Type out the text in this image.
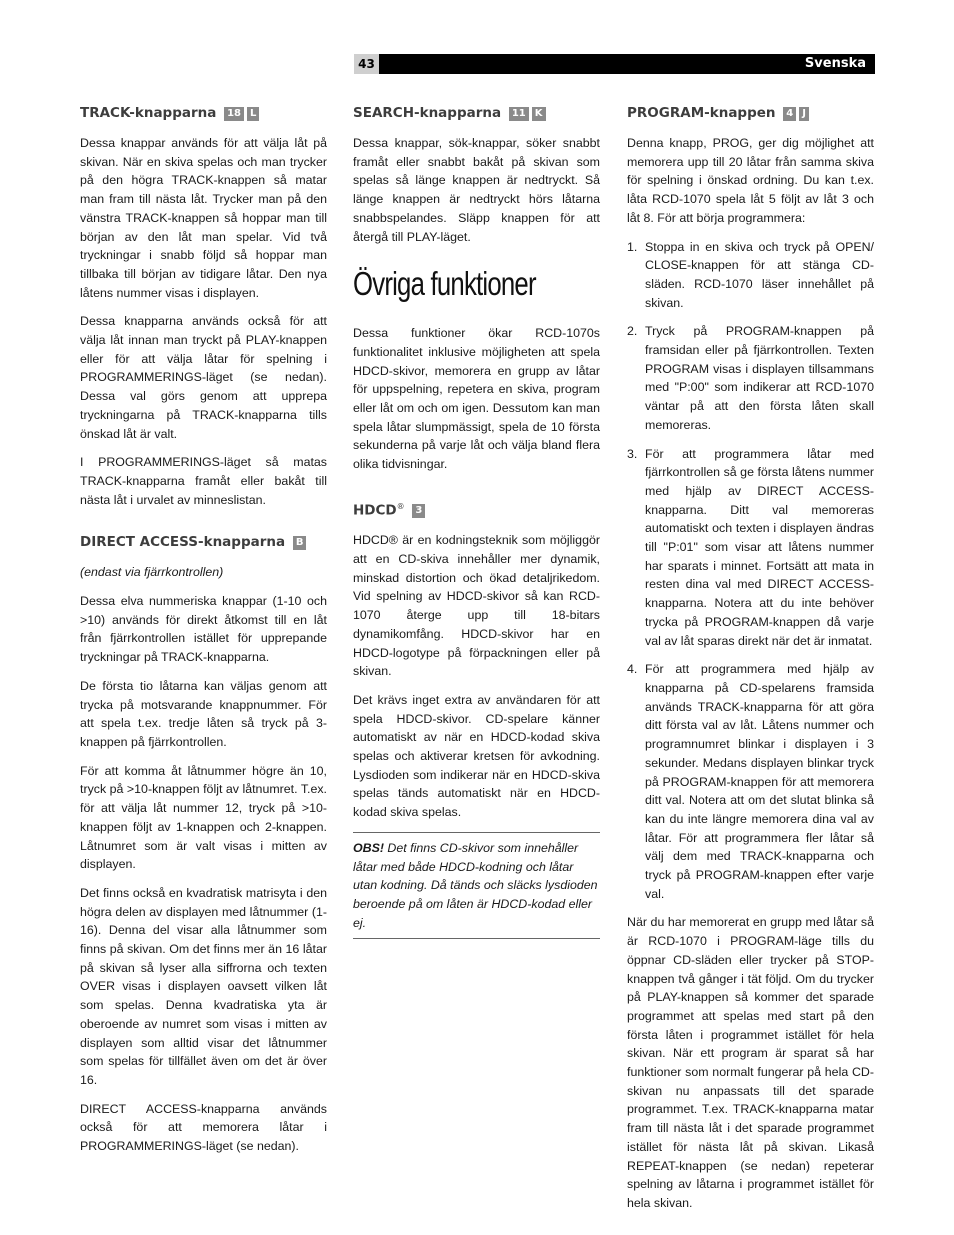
43	Svenska
TRACK-knapparna 18 L

Dessa knappar används för att välja låt på skivan. När en skiva spelas och man trycker på den högra TRACK-knappen så matar man fram till nästa låt. Trycker man på den vänstra TRACK-knappen så hoppar man till början av den låt man spelar. Vid två tryckningar i snabb följd så hoppar man tillbaka till början av tidigare låtar. Den nya låtens nummer visas i displayen.

Dessa knapparna används också för att välja låt innan man tryckt på PLAY-knappen eller för att välja låtar för spelning i PROGRAMMERINGS-läget (se nedan). Dessa val görs genom att upprepa tryckningarna på TRACK-knapparna tills önskad låt är valt.

I PROGRAMMERINGS-läget så matas TRACK-knapparna framåt eller bakåt till nästa låt i urvalet av minneslistan.

DIRECT ACCESS-knapparna B

(endast via fjärrkontrollen)

Dessa elva nummeriska knappar (1-10 och >10) används för direkt åtkomst till en låt från fjärrkontrollen istället för upprepande tryckningar på TRACK-knapparna.

De första tio låtarna kan väljas genom att trycka på motsvarande knappnummer. För att spela t.ex. tredje låten så tryck på 3-knappen på fjärrkontrollen.

För att komma åt låtnummer högre än 10, tryck på >10-knappen följt av låtnumret. T.ex. för att välja låt nummer 12, tryck på >10-knappen följt av 1-knappen och 2-knappen. Låtnumret som är valt visas i mitten av displayen.

Det finns också en kvadratisk matrisyta i den högra delen av displayen med låtnummer (1-16). Denna del visar alla låtnummer som finns på skivan. Om det finns mer än 16 låtar på skivan så lyser alla siffrorna och texten OVER visas i displayen oavsett vilken låt som spelas. Denna kvadratiska yta är oberoende av numret som visas i mitten av displayen som alltid visar det låtnummer som spelas för tillfället även om det är över 16.

DIRECT ACCESS-knapparna används också för att memorera låtar i PROGRAMMERINGS-läget (se nedan).

SEARCH-knapparna 11 K

Dessa knappar, sök-knappar, söker snabbt framåt eller snabbt bakåt på skivan som spelas så länge knappen är nedtryckt. Så länge knappen är nedtryckt hörs låtarna snabbspelandes. Släpp knappen för att återgå till PLAY-läget.

Övriga funktioner

Dessa funktioner ökar RCD-1070s funktionalitet inklusive möjligheten att spela HDCD-skivor, memorera en grupp av låtar för uppspelning, repetera en skiva, program eller låt om och om igen. Dessutom kan man spela låtar slumpmässigt, spela de 10 första sekunderna på varje låt och välja bland flera olika tidvisningar.

HDCD® 3

HDCD® är en kodningsteknik som möjliggör att en CD-skiva innehåller mer dynamik, minskad distortion och ökad detaljrikedom. Vid spelning av HDCD-skivor så kan RCD-1070 återge upp till 18-bitars dynamikomfång. HDCD-skivor har en HDCD-logotype på förpackningen eller på skivan.

Det krävs inget extra av användaren för att spela HDCD-skivor. CD-spelare känner automatiskt av när en HDCD-kodad skiva spelas och aktiverar kretsen för avkodning. Lysdioden som indikerar när en HDCD-skiva spelas tänds automatiskt när en HDCD-kodad skiva spelas.

OBS! Det finns CD-skivor som innehåller låtar med både HDCD-kodning och låtar utan kodning. Då tänds och släcks lysdioden beroende på om låten är HDCD-kodad eller ej.

PROGRAM-knappen 4 J

Denna knapp, PROG, ger dig möjlighet att memorera upp till 20 låtar från samma skiva för spelning i önskad ordning. Du kan t.ex. låta RCD-1070 spela låt 5 följt av låt 3 och låt 8. För att börja programmera:

1. Stoppa in en skiva och tryck på OPEN/ CLOSE-knappen för att stänga CD-släden. RCD-1070 läser innehållet på skivan.

2. Tryck på PROGRAM-knappen på framsidan eller på fjärrkontrollen. Texten PROGRAM visas i displayen tillsammans med "P:00" som indikerar att RCD-1070 väntar på att den första låten skall memoreras.

3. För att programmera låtar med fjärrkontrollen så ge första låtens nummer med hjälp av DIRECT ACCESS-knapparna. Ditt val memoreras automatiskt och texten i displayen ändras till "P:01" som visar att låtens nummer har sparats i minnet. Fortsätt att mata in resten dina val med DIRECT ACCESS-knapparna. Notera att du inte behöver trycka på PROGRAM-knappen då varje val av låt sparas direkt när det är inmatat.

4. För att programmera med hjälp av knapparna på CD-spelarens framsida används TRACK-knapparna för att göra ditt första val av låt. Låtens nummer och programnumret blinkar i displayen i 3 sekunder. Medans displayen blinkar tryck på PROGRAM-knappen för att memorera ditt val. Notera att om det slutat blinka så kan du inte längre memorera dina val av låtar. För att programmera fler låtar så välj dem med TRACK-knapparna och tryck på PROGRAM-knappen efter varje val.

När du har memorerat en grupp med låtar så är RCD-1070 i PROGRAM-läge tills du öppnar CD-släden eller trycker på STOP-knappen två gånger i tät följd. Om du trycker på PLAY-knappen så kommer det sparade programmet att spelas med start på den första låten i programmet istället för hela skivan. När ett program är sparat så har funktioner som normalt fungerar på hela CD-skivan nu anpassats till det sparade programmet. T.ex. TRACK-knapparna matar fram till nästa låt i det sparade programmet istället för nästa låt på skivan. Likaså REPEAT-knappen (se nedan) repeterar spelning av låtarna i programmet istället för hela skivan.
